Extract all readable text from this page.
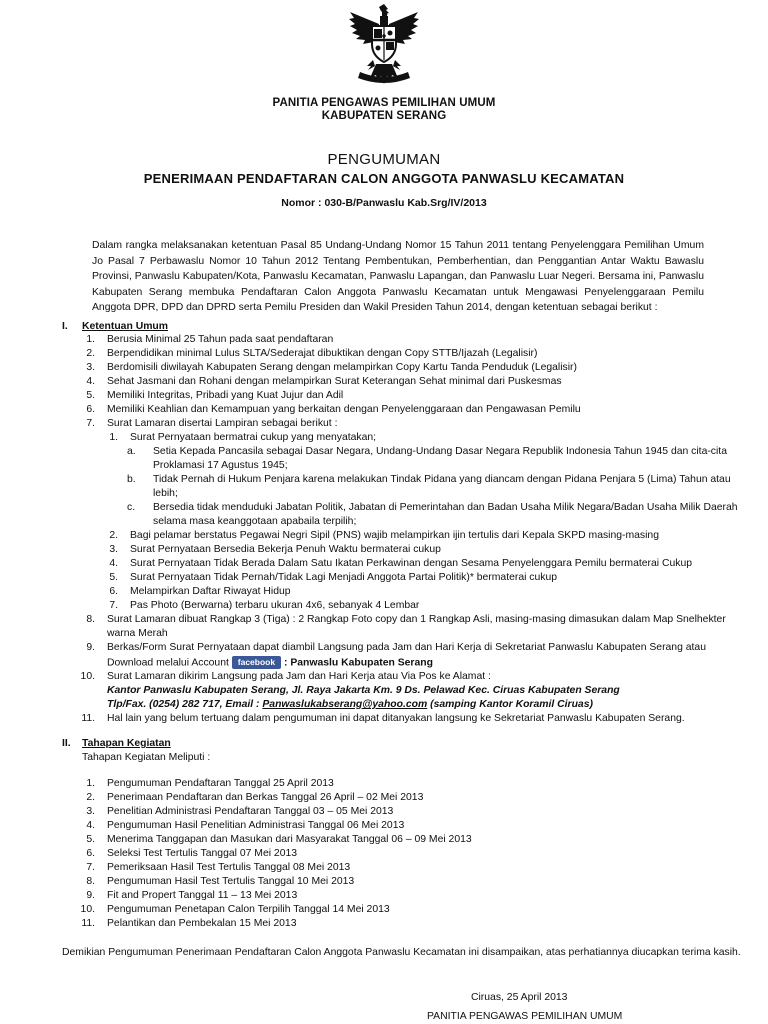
PANITIA PENGAWAS PEMILIHAN UMUM
KABUPATEN SERANG
PENGUMUMAN
PENERIMAAN PENDAFTARAN CALON ANGGOTA PANWASLU KECAMATAN
Nomor : 030-B/Panwaslu Kab.Srg/IV/2013
Dalam rangka melaksanakan ketentuan Pasal 85 Undang-Undang Nomor 15 Tahun 2011 tentang Penyelenggara Pemilihan Umum Jo Pasal 7 Perbawaslu Nomor 10 Tahun 2012 Tentang Pembentukan, Pemberhentian, dan Penggantian Antar Waktu Bawaslu Provinsi, Panwaslu Kabupaten/Kota, Panwaslu Kecamatan, Panwaslu Lapangan, dan Panwaslu Luar Negeri. Bersama ini, Panwaslu Kabupaten Serang membuka Pendaftaran Calon Anggota Panwaslu Kecamatan untuk Mengawasi Penyelenggaraan Pemilu Anggota DPR, DPD dan DPRD serta Pemilu Presiden dan Wakil Presiden Tahun 2014, dengan ketentuan sebagai berikut :
I. Ketentuan Umum
1. Berusia Minimal 25 Tahun pada saat pendaftaran
2. Berpendidikan minimal Lulus SLTA/Sederajat dibuktikan dengan Copy STTB/Ijazah (Legalisir)
3. Berdomisili diwilayah Kabupaten Serang dengan melampirkan Copy Kartu Tanda Penduduk (Legalisir)
4. Sehat Jasmani dan Rohani dengan melampirkan Surat Keterangan Sehat minimal dari Puskesmas
5. Memiliki Integritas, Pribadi yang Kuat Jujur dan Adil
6. Memiliki Keahlian dan Kemampuan yang berkaitan dengan Penyelenggaraan dan Pengawasan Pemilu
7. Surat Lamaran disertai Lampiran sebagai berikut :
1. Surat Pernyataan bermatrai cukup yang menyatakan;
a. Setia Kepada Pancasila sebagai Dasar Negara, Undang-Undang Dasar Negara Republik Indonesia Tahun 1945 dan cita-cita
Proklamasi 17 Agustus 1945;
b. Tidak Pernah di Hukum Penjara karena melakukan Tindak Pidana yang diancam dengan Pidana Penjara 5 (Lima) Tahun atau
lebih;
c. Bersedia tidak menduduki Jabatan Politik, Jabatan di Pemerintahan dan Badan Usaha Milik Negara/Badan Usaha Milik Daerah
selama masa keanggotaan apabaila terpilih;
2. Bagi pelamar berstatus Pegawai Negri Sipil (PNS) wajib melampirkan ijin tertulis dari Kepala SKPD masing-masing
3. Surat Pernyataan Bersedia Bekerja Penuh Waktu bermaterai cukup
4. Surat Pernyataan Tidak Berada Dalam Satu Ikatan Perkawinan dengan Sesama Penyelenggara Pemilu bermaterai Cukup
5. Surat Pernyataan Tidak Pernah/Tidak Lagi Menjadi Anggota Partai Politik)* bermaterai cukup
6. Melampirkan Daftar Riwayat Hidup
7. Pas Photo (Berwarna) terbaru ukuran 4x6, sebanyak 4 Lembar
8. Surat Lamaran dibuat Rangkap 3 (Tiga) : 2 Rangkap Foto copy dan 1 Rangkap Asli, masing-masing dimasukan dalam Map Snelhekter
warna Merah
9. Berkas/Form Surat Pernyataan dapat diambil Langsung pada Jam dan Hari Kerja di Sekretariat Panwaslu Kabupaten Serang atau
Download melalui Account facebook : Panwaslu Kabupaten Serang
10. Surat Lamaran dikirim Langsung pada Jam dan Hari Kerja atau Via Pos ke Alamat :
Kantor Panwaslu Kabupaten Serang, Jl. Raya Jakarta Km. 9 Ds. Pelawad Kec. Ciruas Kabupaten Serang
Tlp/Fax. (0254) 282 717, Email : Panwaslukabserang@yahoo.com (samping Kantor Koramil Ciruas)
11. Hal lain yang belum tertuang dalam pengumuman ini dapat ditanyakan langsung ke Sekretariat Panwaslu Kabupaten Serang.
II. Tahapan Kegiatan
Tahapan Kegiatan Meliputi :
1. Pengumuman Pendaftaran Tanggal 25 April 2013
2. Penerimaan Pendaftaran dan Berkas Tanggal 26 April – 02 Mei 2013
3. Penelitian Administrasi Pendaftaran Tanggal 03 – 05 Mei 2013
4. Pengumuman Hasil Penelitian Administrasi Tanggal 06 Mei 2013
5. Menerima Tanggapan dan Masukan dari Masyarakat Tanggal 06 – 09 Mei 2013
6. Seleksi Test Tertulis Tanggal 07 Mei 2013
7. Pemeriksaan Hasil Test Tertulis Tanggal 08 Mei 2013
8. Pengumuman Hasil Test Tertulis Tanggal 10 Mei 2013
9. Fit and Propert Tanggal 11 – 13 Mei 2013
10. Pengumuman Penetapan Calon Terpilih Tanggal 14 Mei 2013
11. Pelantikan dan Pembekalan 15 Mei 2013
Demikian Pengumuman Penerimaan Pendaftaran Calon Anggota Panwaslu Kecamatan ini disampaikan, atas perhatiannya diucapkan terima kasih.
Ciruas, 25 April 2013
PANITIA PENGAWAS PEMILIHAN UMUM
